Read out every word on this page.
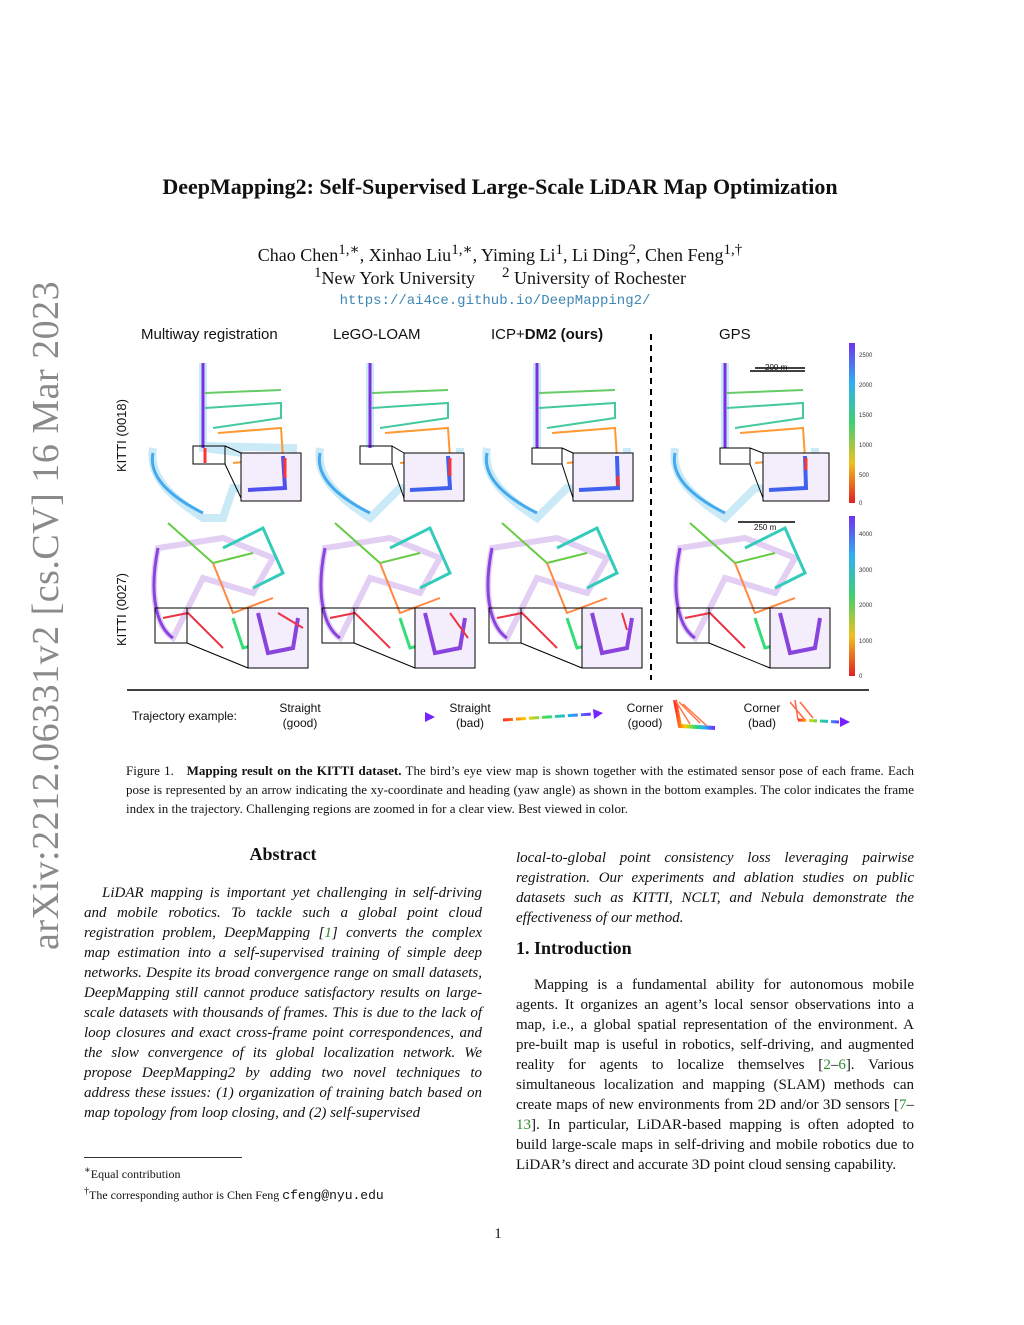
arXiv:2212.06331v2 [cs.CV] 16 Mar 2023
DeepMapping2: Self-Supervised Large-Scale LiDAR Map Optimization
Chao Chen$^{1,∗}$, Xinhao Liu$^{1,∗}$, Yiming Li$^1$, Li Ding$^2$, Chen Feng$^{1,\dagger}$
$^1$New York University $^2$ University of Rochester
https://ai4ce.github.io/DeepMapping2/
Multiway registration	LeGO-LOAM	ICP+DM2 (ours)	GPS
KITTI (0018)
KITTI (0027)
200 m
250 m
2500
2000
1500
1000
500
0
4000
3000
2000
1000
0
Trajectory example:
Straight
(good)
Straight
(bad)
Corner
(good)
Corner
(bad)
Figure 1. Mapping result on the KITTI dataset. The bird’s eye view map is shown together with the estimated sensor pose of each frame. Each pose is represented by an arrow indicating the xy-coordinate and heading (yaw angle) as shown in the bottom examples. The color indicates the frame index in the trajectory. Challenging regions are zoomed in for a clear view. Best viewed in color.
Abstract
LiDAR mapping is important yet challenging in self-driving and mobile robotics. To tackle such a global point cloud registration problem, DeepMapping [1] converts the complex map estimation into a self-supervised training of simple deep networks. Despite its broad convergence range on small datasets, DeepMapping still cannot produce satisfactory results on large-scale datasets with thousands of frames. This is due to the lack of loop closures and exact cross-frame point correspondences, and the slow convergence of its global localization network. We propose DeepMapping2 by adding two novel techniques to address these issues: (1) organization of training batch based on map topology from loop closing, and (2) self-supervised
∗Equal contribution
†The corresponding author is Chen Feng cfeng@nyu.edu
local-to-global point consistency loss leveraging pairwise registration. Our experiments and ablation studies on public datasets such as KITTI, NCLT, and Nebula demonstrate the effectiveness of our method.
1. Introduction
Mapping is a fundamental ability for autonomous mobile agents. It organizes an agent’s local sensor observations into a map, i.e., a global spatial representation of the environment. A pre-built map is useful in robotics, self-driving, and augmented reality for agents to localize themselves [2–6]. Various simultaneous localization and mapping (SLAM) methods can create maps of new environments from 2D and/or 3D sensors [7–13]. In particular, LiDAR-based mapping is often adopted to build large-scale maps in self-driving and mobile robotics due to LiDAR’s direct and accurate 3D point cloud sensing capability.
1
